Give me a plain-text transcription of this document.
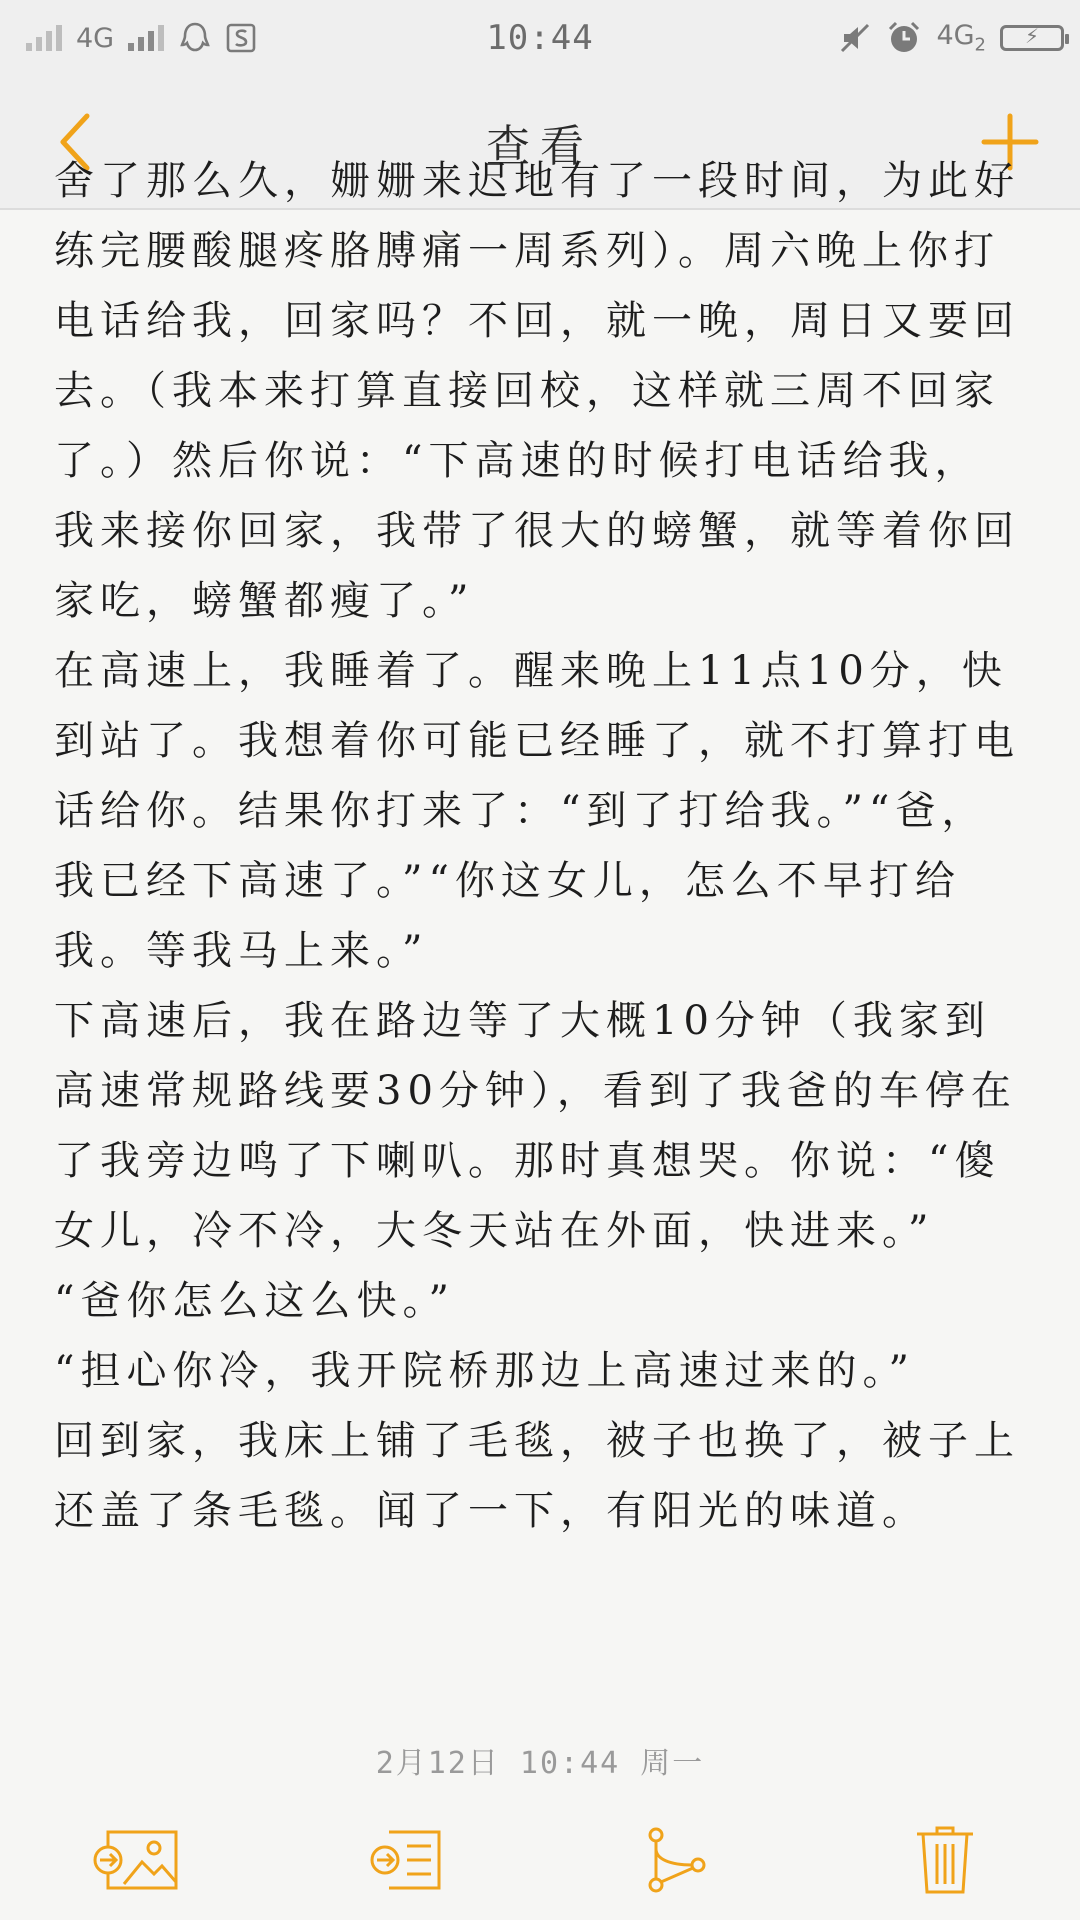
4G	10:44	$4G_2$	⚡
查看

舍了那么久，姗姗来迟地有了一段时间，为此好

练完腰酸腿疼胳膊痛一周系列）。周六晚上你打电话给我，回家吗？不回，就一晚，周日又要回去。（我本来打算直接回校，这样就三周不回家了。）然后你说：“下高速的时候打电话给我，我来接你回家，我带了很大的螃蟹，就等着你回家吃，螃蟹都瘦了。”

在高速上，我睡着了。醒来晚上11点10分，快到站了。我想着你可能已经睡了，就不打算打电话给你。结果你打来了：“到了打给我。”“爸，我已经下高速了。”“你这女儿，怎么不早打给我。等我马上来。”

下高速后，我在路边等了大概10分钟（我家到高速常规路线要30分钟），看到了我爸的车停在了我旁边鸣了下喇叭。那时真想哭。你说：“傻女儿，冷不冷，大冬天站在外面，快进来。”

“爸你怎么这么快。”

“担心你冷，我开院桥那边上高速过来的。”

回到家，我床上铺了毛毯，被子也换了，被子上还盖了条毛毯。闻了一下，有阳光的味道。

2月12日 10:44 周一
